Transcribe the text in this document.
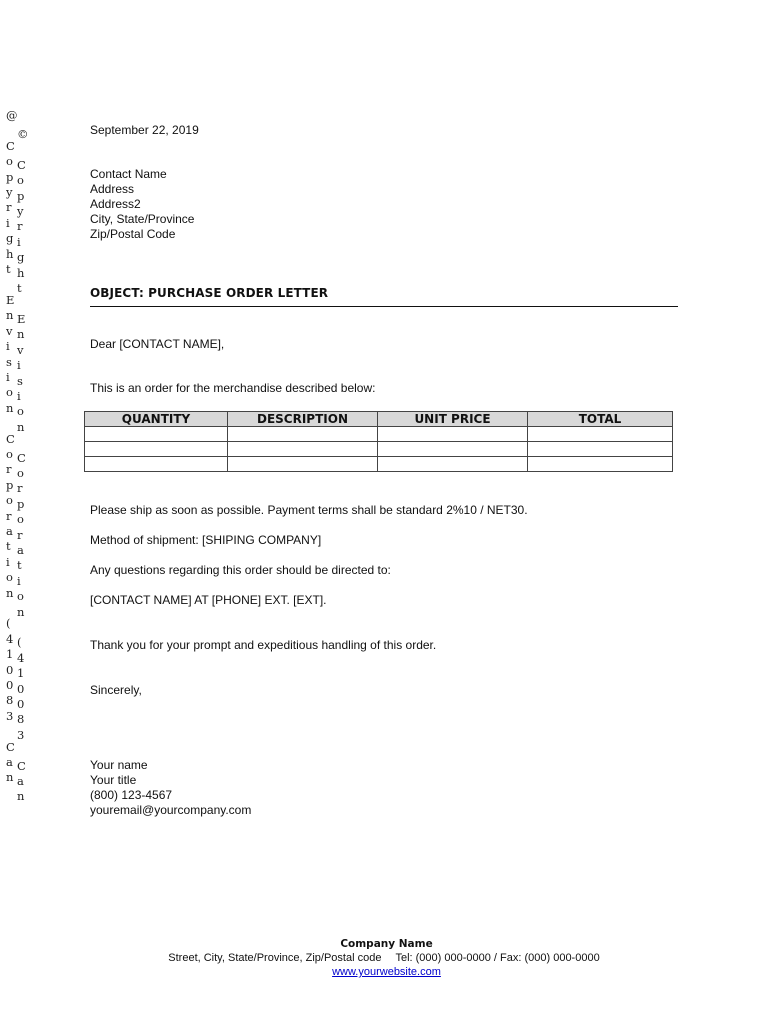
@

C
o
p
y
r
i
g
h
t

E
n
v
i
s
i
o
n

C
o
r
p
o
r
a
t
i
o
n

(
4
1
0
0
8
3

C
a
n
©

C
o
p
y
r
i
g
h
t

E
n
v
i
s
i
o
n

C
o
r
p
o
r
a
t
i
o
n

(
4
1
0
0
8
3

C
a
n
September 22, 2019
Contact Name
Address
Address2
City, State/Province
Zip/Postal Code
OBJECT: PURCHASE ORDER LETTER
Dear [CONTACT NAME],
This is an order for the merchandise described below:
Please ship as soon as possible. Payment terms shall be standard 2%10 / NET30.
Method of shipment: [SHIPING COMPANY]
Any questions regarding this order should be directed to:
[CONTACT NAME] AT [PHONE] EXT. [EXT].
Thank you for your prompt and expeditious handling of this order.
Sincerely,
Your name
Your title
(800) 123-4567
youremail@yourcompany.com
QUANTITY	DESCRIPTION	UNIT PRICE	TOTAL

Company Name
Street, City, State/Province, Zip/Postal code Tel: (000) 000-0000 / Fax: (000) 000-0000
www.yourwebsite.com
